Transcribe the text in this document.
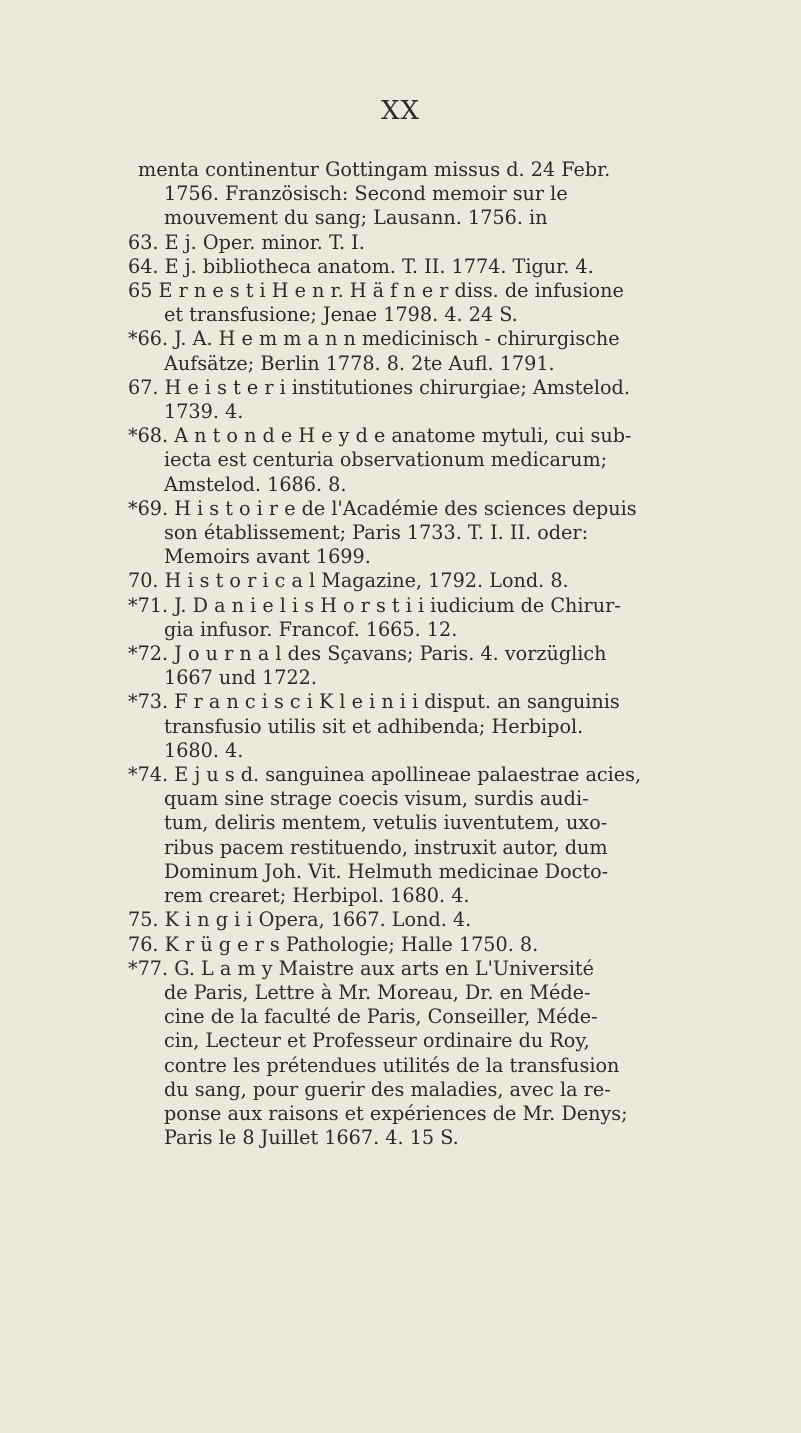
XX

menta continentur Gottingam missus d. 24 Febr.
1756. Französisch: Second memoir sur le
mouvement du sang; Lausann. 1756. in

63. E j. Oper. minor. T. I.

64. E j. bibliotheca anatom. T. II. 1774. Tigur. 4.

65 E r n e s t i H e n r. H ä f n e r diss. de infusione
et transfusione; Jenae 1798. 4. 24 S.

*66. J. A. H e m m a n n medicinisch - chirurgische
Aufsätze; Berlin 1778. 8. 2te Aufl. 1791.

67. H e i s t e r i institutiones chirurgiae; Amstelod.
1739. 4.

*68. A n t o n d e H e y d e anatome mytuli, cui sub-
iecta est centuria observationum medicarum;
Amstelod. 1686. 8.

*69. H i s t o i r e de l'Académie des sciences depuis
son établissement; Paris 1733. T. I. II. oder:
Memoirs avant 1699.

70. H i s t o r i c a l Magazine, 1792. Lond. 8.

*71. J. D a n i e l i s H o r s t i i iudicium de Chirur-
gia infusor. Francof. 1665. 12.

*72. J o u r n a l des Sçavans; Paris. 4. vorzüglich
1667 und 1722.

*73. F r a n c i s c i K l e i n i i disput. an sanguinis
transfusio utilis sit et adhibenda; Herbipol.
1680. 4.

*74. E j u s d. sanguinea apollineae palaestrae acies,
quam sine strage coecis visum, surdis audi-
tum, deliris mentem, vetulis iuventutem, uxo-
ribus pacem restituendo, instruxit autor, dum
Dominum Joh. Vit. Helmuth medicinae Docto-
rem crearet; Herbipol. 1680. 4.

75. K i n g i i Opera, 1667. Lond. 4.

76. K r ü g e r s Pathologie; Halle 1750. 8.

*77. G. L a m y Maistre aux arts en L'Université
de Paris, Lettre à Mr. Moreau, Dr. en Méde-
cine de la faculté de Paris, Conseiller, Méde-
cin, Lecteur et Professeur ordinaire du Roy,
contre les prétendues utilités de la transfusion
du sang, pour guerir des maladies, avec la re-
ponse aux raisons et expériences de Mr. Denys;
Paris le 8 Juillet 1667. 4. 15 S.
